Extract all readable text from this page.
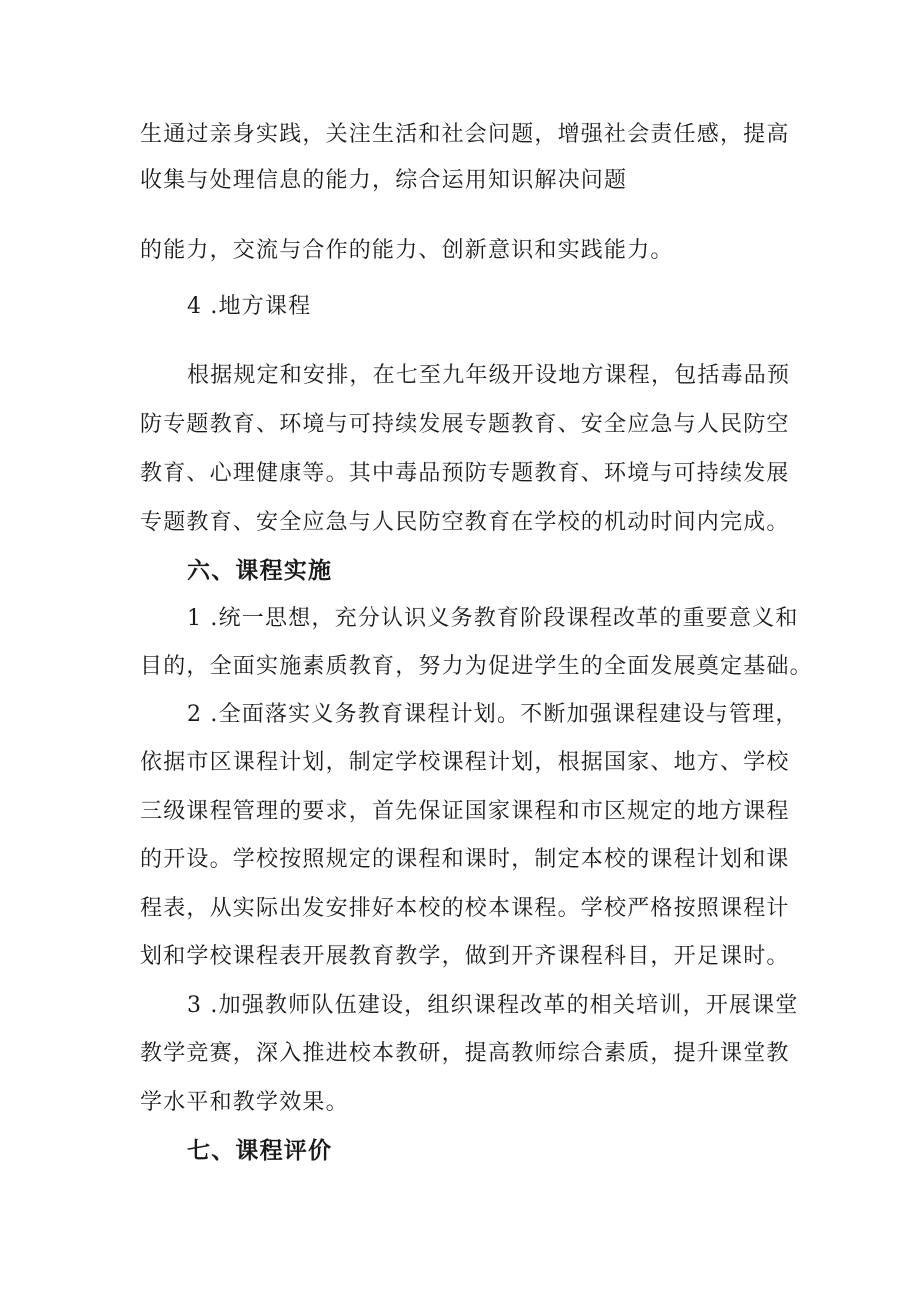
生通过亲身实践，关注生活和社会问题，增强社会责任感，提高
收集与处理信息的能力，综合运用知识解决问题
的能力，交流与合作的能力、创新意识和实践能力。
4 .地方课程
根据规定和安排，在七至九年级开设地方课程，包括毒品预
防专题教育、环境与可持续发展专题教育、安全应急与人民防空
教育、心理健康等。其中毒品预防专题教育、环境与可持续发展
专题教育、安全应急与人民防空教育在学校的机动时间内完成。
六、课程实施
1 .统一思想，充分认识义务教育阶段课程改革的重要意义和
目的，全面实施素质教育，努力为促进学生的全面发展奠定基础。
2 .全面落实义务教育课程计划。不断加强课程建设与管理，
依据市区课程计划，制定学校课程计划，根据国家、地方、学校
三级课程管理的要求，首先保证国家课程和市区规定的地方课程
的开设。学校按照规定的课程和课时，制定本校的课程计划和课
程表，从实际出发安排好本校的校本课程。学校严格按照课程计
划和学校课程表开展教育教学，做到开齐课程科目，开足课时。
3 .加强教师队伍建设，组织课程改革的相关培训，开展课堂
教学竞赛，深入推进校本教研，提高教师综合素质，提升课堂教
学水平和教学效果。
七、课程评价
